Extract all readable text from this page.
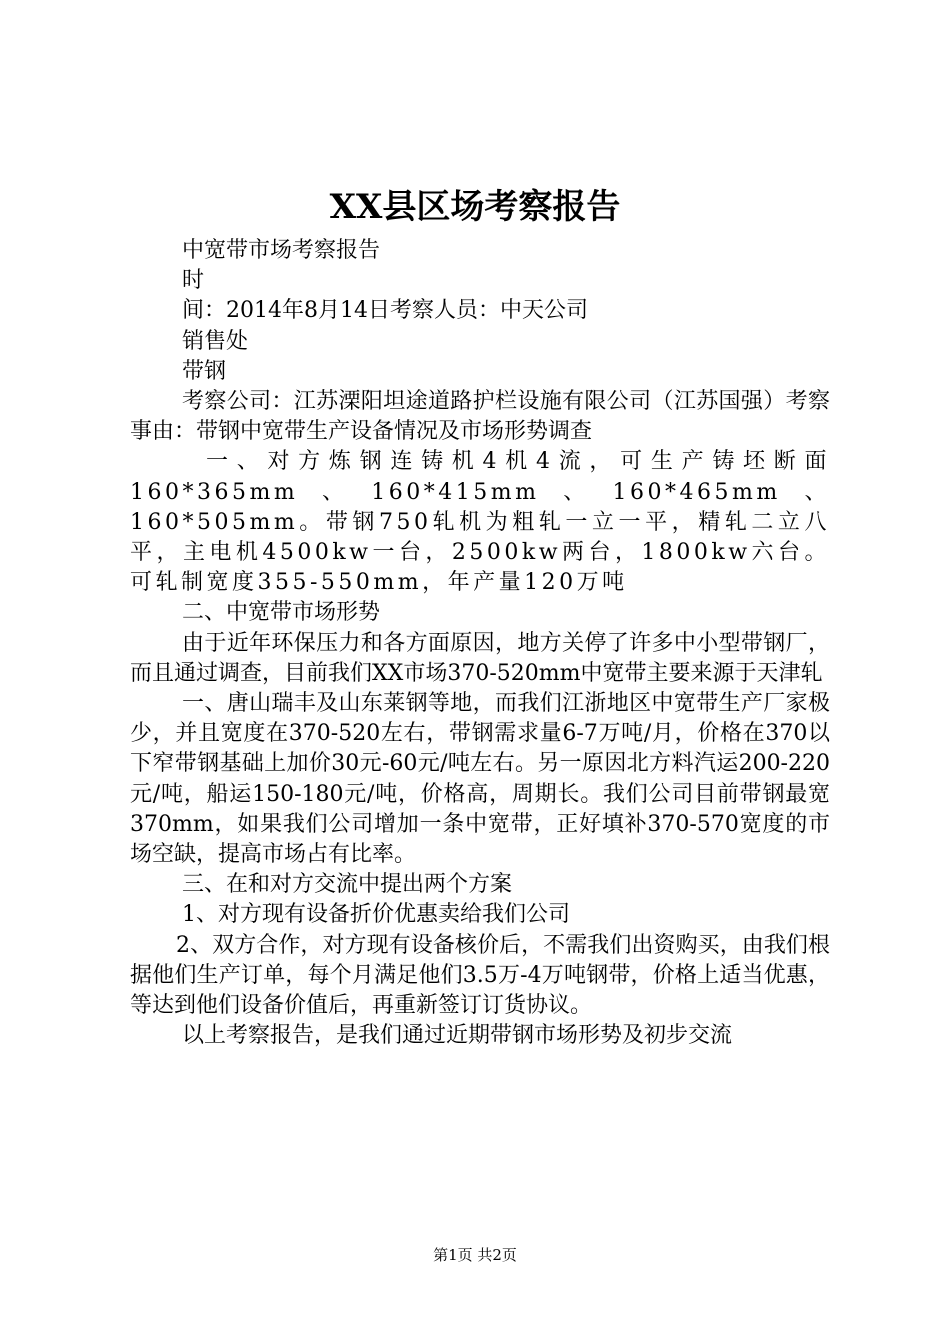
XX县区场考察报告

中宽带市场考察报告

时

间：2014年8月14日考察人员：中天公司

销售处

带钢

考察公司：江苏溧阳坦途道路护栏设施有限公司（江苏国强）考察事由：带钢中宽带生产设备情况及市场形势调查

一、对方炼钢连铸机4机4流，可生产铸坯断面160*365mm、160*415mm、160*465mm、160*505mm。带钢750轧机为粗轧一立一平，精轧二立八平，主电机4500kw一台，2500kw两台，1800kw六台。可轧制宽度355-550mm，年产量120万吨

二、中宽带市场形势

由于近年环保压力和各方面原因，地方关停了许多中小型带钢厂，而且通过调查，目前我们XX市场370-520mm中宽带主要来源于天津轧

一、唐山瑞丰及山东莱钢等地，而我们江浙地区中宽带生产厂家极少，并且宽度在370-520左右，带钢需求量6-7万吨/月，价格在370以下窄带钢基础上加价30元-60元/吨左右。另一原因北方料汽运200-220元/吨，船运150-180元/吨，价格高，周期长。我们公司目前带钢最宽370mm，如果我们公司增加一条中宽带，正好填补370-570宽度的市场空缺，提高市场占有比率。

三、在和对方交流中提出两个方案

1、对方现有设备折价优惠卖给我们公司

2、双方合作，对方现有设备核价后，不需我们出资购买，由我们根据他们生产订单，每个月满足他们3.5万-4万吨钢带，价格上适当优惠，等达到他们设备价值后，再重新签订订货协议。

以上考察报告，是我们通过近期带钢市场形势及初步交流

第1页 共2页
